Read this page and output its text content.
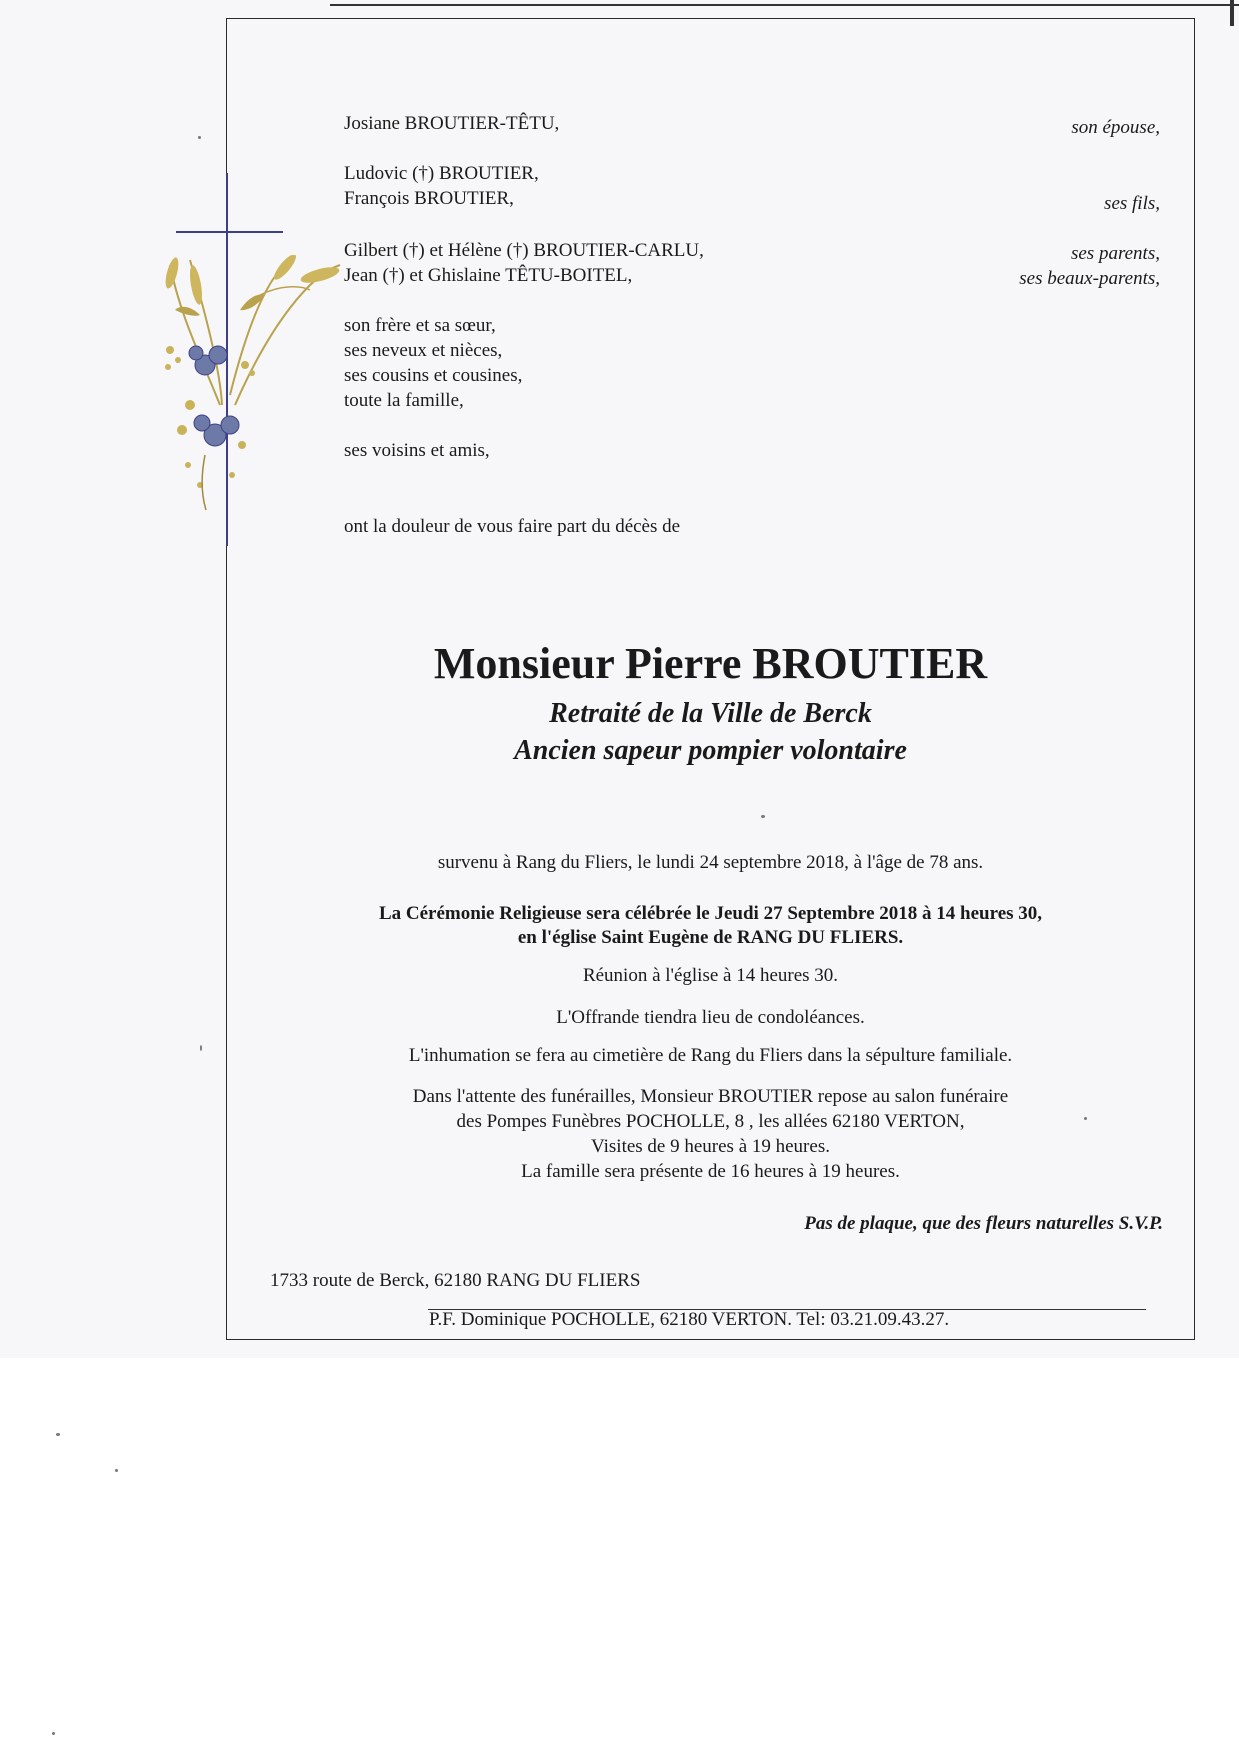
Josiane BROUTIER-TÊTU,	son épouse,
Ludovic (†) BROUTIER,
François BROUTIER,	ses fils,
Gilbert (†) et Hélène (†) BROUTIER-CARLU,	ses parents,
Jean (†) et Ghislaine TÊTU-BOITEL,	ses beaux-parents,
son frère et sa sœur,
ses neveux et nièces,
ses cousins et cousines,
toute la famille,
ses voisins et amis,
ont la douleur de vous faire part du décès de
Monsieur Pierre BROUTIER
Retraité de la Ville de Berck
Ancien sapeur pompier volontaire
survenu à Rang du Fliers, le lundi 24 septembre 2018, à l'âge de 78 ans.
La Cérémonie Religieuse sera célébrée le Jeudi 27 Septembre 2018 à 14 heures 30,
en l'église Saint Eugène de RANG DU FLIERS.
Réunion à l'église à 14 heures 30.
L'Offrande tiendra lieu de condoléances.
L'inhumation se fera au cimetière de Rang du Fliers dans la sépulture familiale.
Dans l'attente des funérailles, Monsieur BROUTIER repose au salon funéraire
des Pompes Funèbres POCHOLLE, 8 , les allées 62180 VERTON,
Visites de 9 heures à 19 heures.
La famille sera présente de 16 heures à 19 heures.
Pas de plaque, que des fleurs naturelles S.V.P.
1733 route de Berck, 62180 RANG DU FLIERS
P.F. Dominique POCHOLLE, 62180 VERTON. Tel: 03.21.09.43.27.
